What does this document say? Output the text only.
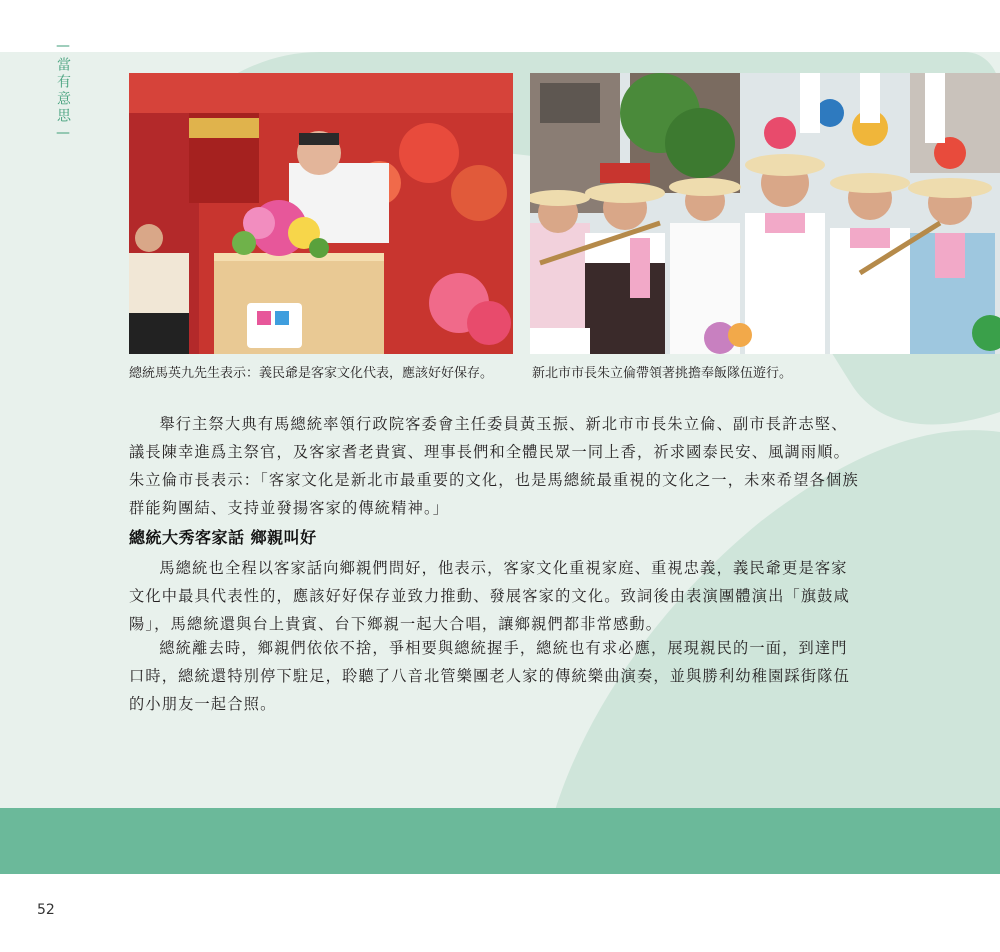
—當有意思—
總統馬英九先生表示：義民爺是客家文化代表，應該好好保存。	新北市市長朱立倫帶領著挑擔奉飯隊伍遊行。

舉行主祭大典有馬總統率領行政院客委會主任委員黃玉振、新北市市長朱立倫、副市長許志堅、議長陳幸進爲主祭官，及客家耆老貴賓、理事長們和全體民眾一同上香，祈求國泰民安、風調雨順。朱立倫市長表示：「客家文化是新北市最重要的文化，也是馬總統最重視的文化之一，未來希望各個族群能夠團結、支持並發揚客家的傳統精神。」

總統大秀客家話 鄉親叫好

馬總統也全程以客家話向鄉親們問好，他表示，客家文化重視家庭、重視忠義，義民爺更是客家文化中最具代表性的，應該好好保存並致力推動、發展客家的文化。致詞後由表演團體演出「旗鼓咸陽」，馬總統還與台上貴賓、台下鄉親一起大合唱，讓鄉親們都非常感動。

總統離去時，鄉親們依依不捨，爭相要與總統握手，總統也有求必應，展現親民的一面，到達門口時，總統還特別停下駐足，聆聽了八音北管樂團老人家的傳統樂曲演奏，並與勝利幼稚園踩街隊伍的小朋友一起合照。

52
